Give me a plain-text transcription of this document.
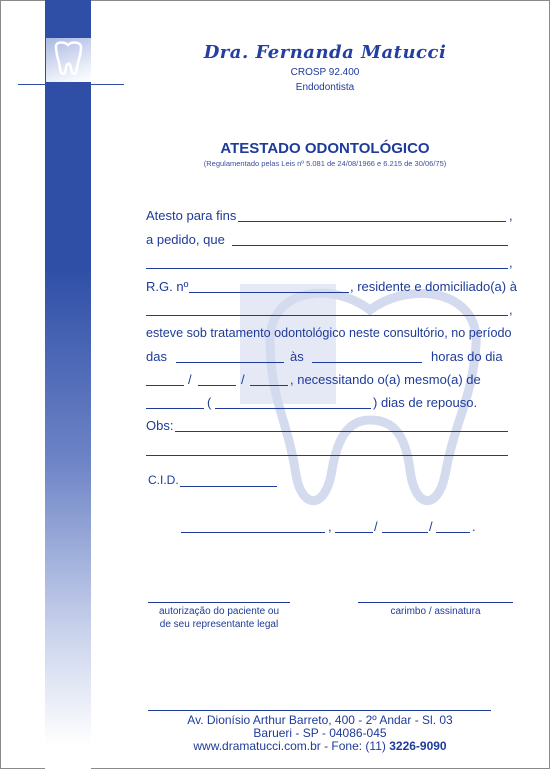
Dra. Fernanda Matucci
CROSP 92.400
Endodontista
ATESTADO ODONTOLÓGICO
(Regulamentado pelas Leis nº 5.081 de 24/08/1966 e 6.215 de 30/06/75)
Atesto para fins	,
a pedido, que
,
R.G. nº	, residente e domiciliado(a) à
,
esteve sob tratamento odontológico neste consultório, no período
das	às	horas do dia
/	/	, necessitando o(a) mesmo(a) de
(	) dias de repouso.
Obs:
C.I.D.
,	/	/	.
autorização do paciente ou
de seu representante legal
carimbo / assinatura
Av. Dionísio Arthur Barreto, 400 - 2º Andar - Sl. 03
Barueri - SP - 04086-045
www.dramatucci.com.br - Fone: (11) 3226-9090
